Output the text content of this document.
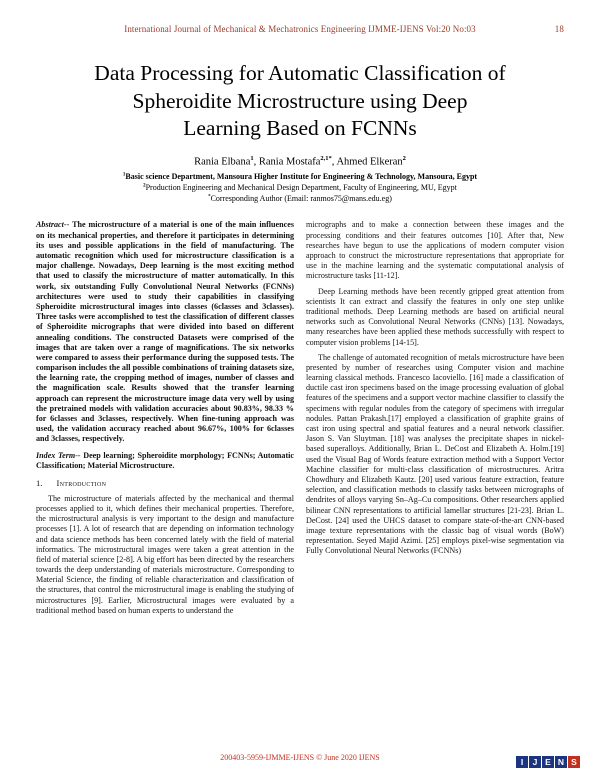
International Journal of Mechanical & Mechatronics Engineering IJMME-IJENS Vol:20 No:03	18
Data Processing for Automatic Classification of
Spheroidite Microstructure using Deep
Learning Based on FCNNs
Rania Elbana$^1$, Rania Mostafa$^{2,1*}$, Ahmed Elkeran$^2$
$^1$Basic science Department, Mansoura Higher Institute for Engineering & Technology, Mansoura, Egypt
$^2$Production Engineering and Mechanical Design Department, Faculty of Engineering, MU, Egypt
*Corresponding Author (Email: ranmos75@mans.edu.eg)
Abstract-- The microstructure of a material is one of the main influences on its mechanical properties, and therefore it participates in determining its uses and possible applications in the field of manufacturing. The automatic recognition which used for microstructure classification is a major challenge. Nowadays, Deep learning is the most exciting method that used to classify the microstructure of matter automatically. In this work, six outstanding Fully Convolutional Neural Networks (FCNNs) architectures were used to study their capabilities in classifying Spheroidite microstructural images into classes (6classes and 3classes). Three tasks were accomplished to test the classification of different classes of Spheroidite micrographs that were divided into based on different annealing conditions. The constructed Datasets were comprised of the images that are taken over a range of magnifications. The six networks were compared to assess their performance during the supposed tests. The comparison includes the all possible combinations of training datasets size, the learning rate, the cropping method of images, number of classes and the magnification scale. Results showed that the transfer learning approach can represent the microstructure image data very well by using the pretrained models with validation accuracies about 90.83%, 98.33 % for 6classes and 3classes, respectively. When fine-tuning approach was used, the validation accuracy reached about 96.67%, 100% for 6classes and 3classes, respectively.
Index Term-- Deep learning; Spheroidite morphology; FCNNs; Automatic Classification; Material Microstructure.
1. Introduction
The microstructure of materials affected by the mechanical and thermal processes applied to it, which defines their mechanical properties. Therefore, the microstructural analysis is very important to the design and manufacture processes [1]. A lot of research that are depending on information technology and data science methods has been concerned lately with the field of material informatics. The microstructural images were taken a great attention in the field of material science [2-8]. A big effort has been directed by the researchers towards the deep understanding of materials microstructure. Corresponding to Material Science, the finding of reliable characterization and classification of the structures, that control the microstructural image is enabling the studying of microstructures [9]. Earlier, Microstructural images were evaluated by a traditional method based on human experts to understand the
micrographs and to make a connection between these images and the processing conditions and their features outcomes [10]. After that, New researches have begun to use the applications of modern computer vision approach to construct the microstructure representations that appropriate for use in the machine learning and the systematic computational analysis of microstructure tasks [11-12].
Deep Learning methods have been recently gripped great attention from scientists It can extract and classify the features in only one step unlike traditional methods. Deep Learning methods are based on artificial neural networks such as Convolutional Neural Networks (CNNs) [13]. Nowadays, many researches have been applied these methods successfully with respect to computer vision problems [14-15].
The challenge of automated recognition of metals microstructure have been presented by number of researches using Computer vision and machine learning classical methods. Francesco Iacoviello. [16] made a classification of ductile cast iron specimens based on the image processing evaluation of global features of the specimens and a support vector machine classifier to classify the specimens with regular nodules from the category of specimens with irregular nodules. Pattan Prakash.[17] employed a classification of graphite grains of cast iron using spectral and spatial features and a neural network classifier. Jason S. Van Sluytman. [18] was analyses the precipitate shapes in nickel-based superalloys. Additionally, Brian L. DeCost and Elizabeth A. Holm.[19] used the Visual Bag of Words feature extraction method with a Support Vector Machine classifier for multi-class classification of microstructures. Aritra Chowdhury and Elizabeth Kautz. [20] used various feature extraction, feature selection, and classification methods to classify tasks between micrographs of dendrites of alloys varying Sn–Ag–Cu compositions. Other researchers applied bilinear CNN representations to artificial lamellar structures [21-23]. Brian L. DeCost. [24] used the UHCS dataset to compare state-of-the-art CNN-based image texture representations with the classic bag of visual words (BoW) representation. Seyed Majid Azimi. [25] employs pixel-wise segmentation via Fully Convolutional Neural Networks (FCNNs)
200403-5959-IJMME-IJENS © June 2020 IJENS	I	J E N S
